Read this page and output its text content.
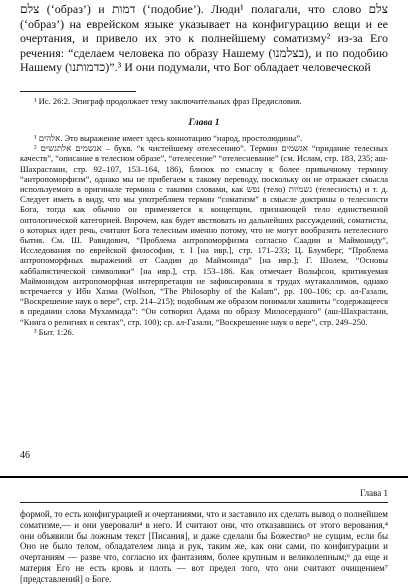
צלם (‘образ’) и דמות (‘подобие’). Люди¹ полагали, что слово צלם (‘образ’) на еврейском языке указывает на конфигурацию вещи и ее очертания, и привело их это к полнейшему соматизму² из-за Его речения: “сделаем человека по образу Нашему (בצלמנו), и по подобию Нашему (כדמותנו)”.³ И они подумали, что Бог обладает человеческой

¹ Ис. 26:2. Эпиграф продолжает тему заключительных фраз Предисловия.
Глава 1

¹ אלהים. Это выражение имеет здесь коннотацию “народ, простолюдины”.

² אגשמים אלתגשים – букв. “к чистейшему отелесению”. Термин אגשמים “придание телесных качеств”, “описание в телесном образе”, “отелесение” “отелесневание” (см. Ислам, стр. 183, 235; аш-Шахрастани, стр. 92–107, 153–164, 186), близок по смыслу к более привычному термину “антропоморфизм”, однако мы не прибегаем к такому переводу, поскольку он не отражает смысла используемого в оригинале термина с такими словами, как נפש (тело) גשמיות (телесность) и т. д. Следует иметь в виду, что мы употребляем термин “соматизм” в смысле доктрины о телесности Бога, тогда как обычно он применяется к концепции, признающей тело единственной онтологической категорией. Впрочем, как будет явствовать из дальнейших рассуждений, соматисты, о которых идет речь, считают Бога телесным именно потому, что не могут вообразить нетелесного бытия. См. Ш. Равидович, “Проблема антропоморфизма согласно Саадии и Маймониду”, Исследования по еврейской философии, т. I [на ивр.], стр. 171–233; Ц. Блумберг, “Проблема антропоморфных выражений от Саадии до Маймонида” [на ивр.]; Г. Шолем, “Основы каббалистической символики” [на ивр.], стр. 153–186. Как отмечает Вольфсон, критикуемая Маймонидом антропоморфная интерпретация не зафиксирована в трудах мутакаллимов, однако встречается у Ибн Хазма (Wolfson, “The Philosophy of the Kalam”, pp. 100–106; ср. ал-Газали, “Воскрешение наук о вере”, стр. 214–215); подобным же образом понимали хашвиты “содержащееся в предании слова Мухаммада”: “Он сотворил Адама по образу Милосердного” (аш-Шахрастани, “Книга о религиях и сектах”, стр. 100); ср. ал-Газали, “Воскрешение наук о вере”, стр. 249–250.

³ Быт. 1:26.

46
Глава 1
формой, то есть конфигурацией и очертаниями, что и заставило их сделать вывод о полнейшем соматизме,— и они уверовали⁴ в него. И считают они, что отказавшись от этого верования,⁴ они объявили бы ложным текст [Писания], и даже сделали бы Божество⁵ не сущим, если бы Оно не было телом, обладателем лица и рук, таким же, как они сами, по конфигурации и очертаниям — разве что, согласно их фантазиям, более крупным и великолепным;⁶ да еще и материя Его не есть кровь и плоть — вот предел того, что они считают очищением⁷ [представлений] о Боге.
